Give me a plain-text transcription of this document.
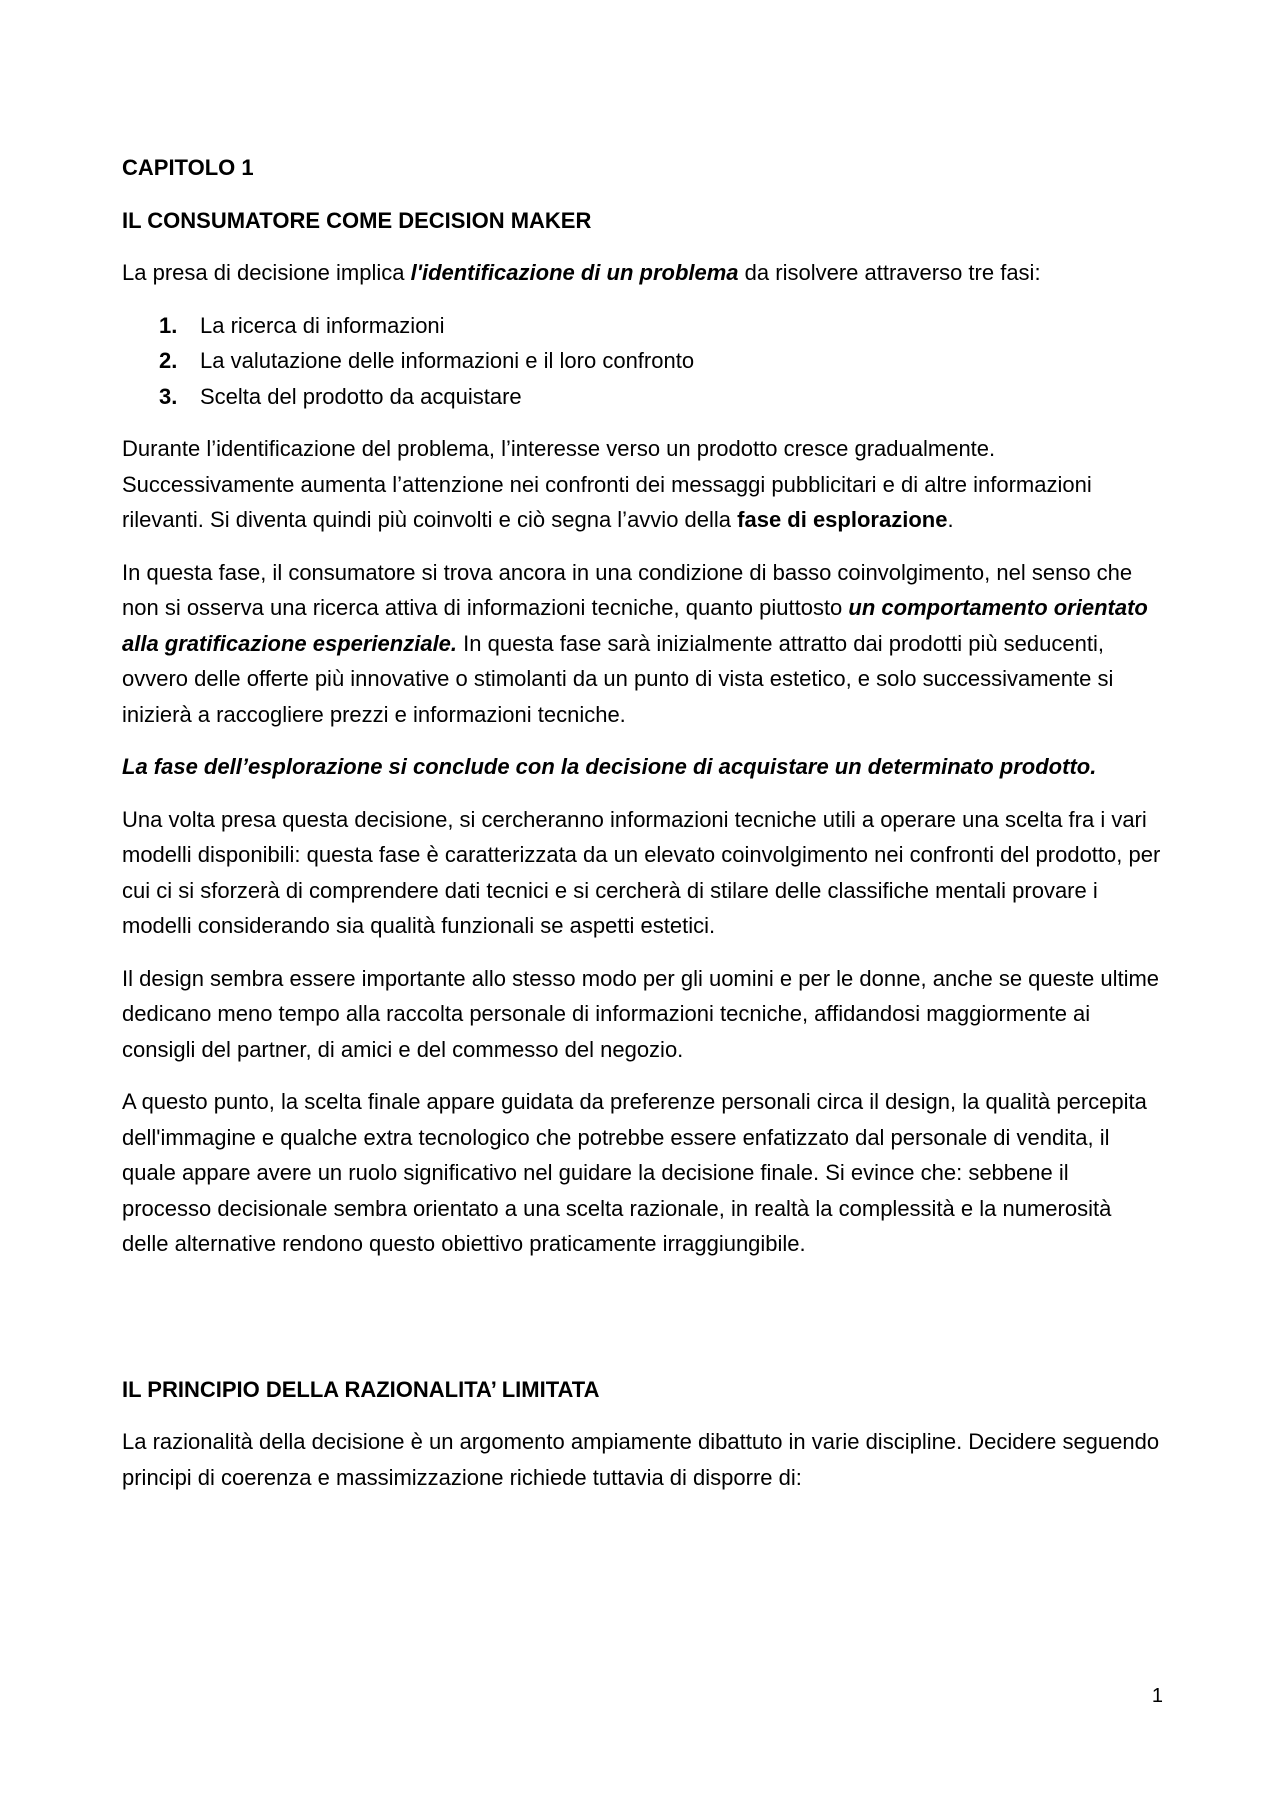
CAPITOLO 1
IL CONSUMATORE COME DECISION MAKER

La presa di decisione implica l'identificazione di un problema da risolvere attraverso tre fasi:

1. La ricerca di informazioni
2. La valutazione delle informazioni e il loro confronto
3. Scelta del prodotto da acquistare

Durante l’identificazione del problema, l’interesse verso un prodotto cresce gradualmente. Successivamente aumenta l’attenzione nei confronti dei messaggi pubblicitari e di altre informazioni rilevanti. Si diventa quindi più coinvolti e ciò segna l’avvio della fase di esplorazione.

In questa fase, il consumatore si trova ancora in una condizione di basso coinvolgimento, nel senso che non si osserva una ricerca attiva di informazioni tecniche, quanto piuttosto un comportamento orientato alla gratificazione esperienziale. In questa fase sarà inizialmente attratto dai prodotti più seducenti, ovvero delle offerte più innovative o stimolanti da un punto di vista estetico, e solo successivamente si inizierà a raccogliere prezzi e informazioni tecniche.

La fase dell’esplorazione si conclude con la decisione di acquistare un determinato prodotto.

Una volta presa questa decisione, si cercheranno informazioni tecniche utili a operare una scelta fra i vari modelli disponibili: questa fase è caratterizzata da un elevato coinvolgimento nei confronti del prodotto, per cui ci si sforzerà di comprendere dati tecnici e si cercherà di stilare delle classifiche mentali provare i modelli considerando sia qualità funzionali se aspetti estetici.

Il design sembra essere importante allo stesso modo per gli uomini e per le donne, anche se queste ultime dedicano meno tempo alla raccolta personale di informazioni tecniche, affidandosi maggiormente ai consigli del partner, di amici e del commesso del negozio.

A questo punto, la scelta finale appare guidata da preferenze personali circa il design, la qualità percepita dell'immagine e qualche extra tecnologico che potrebbe essere enfatizzato dal personale di vendita, il quale appare avere un ruolo significativo nel guidare la decisione finale. Si evince che: sebbene il processo decisionale sembra orientato a una scelta razionale, in realtà la complessità e la numerosità delle alternative rendono questo obiettivo praticamente irraggiungibile.

IL PRINCIPIO DELLA RAZIONALITA’ LIMITATA

La razionalità della decisione è un argomento ampiamente dibattuto in varie discipline. Decidere seguendo principi di coerenza e massimizzazione richiede tuttavia di disporre di:

1
